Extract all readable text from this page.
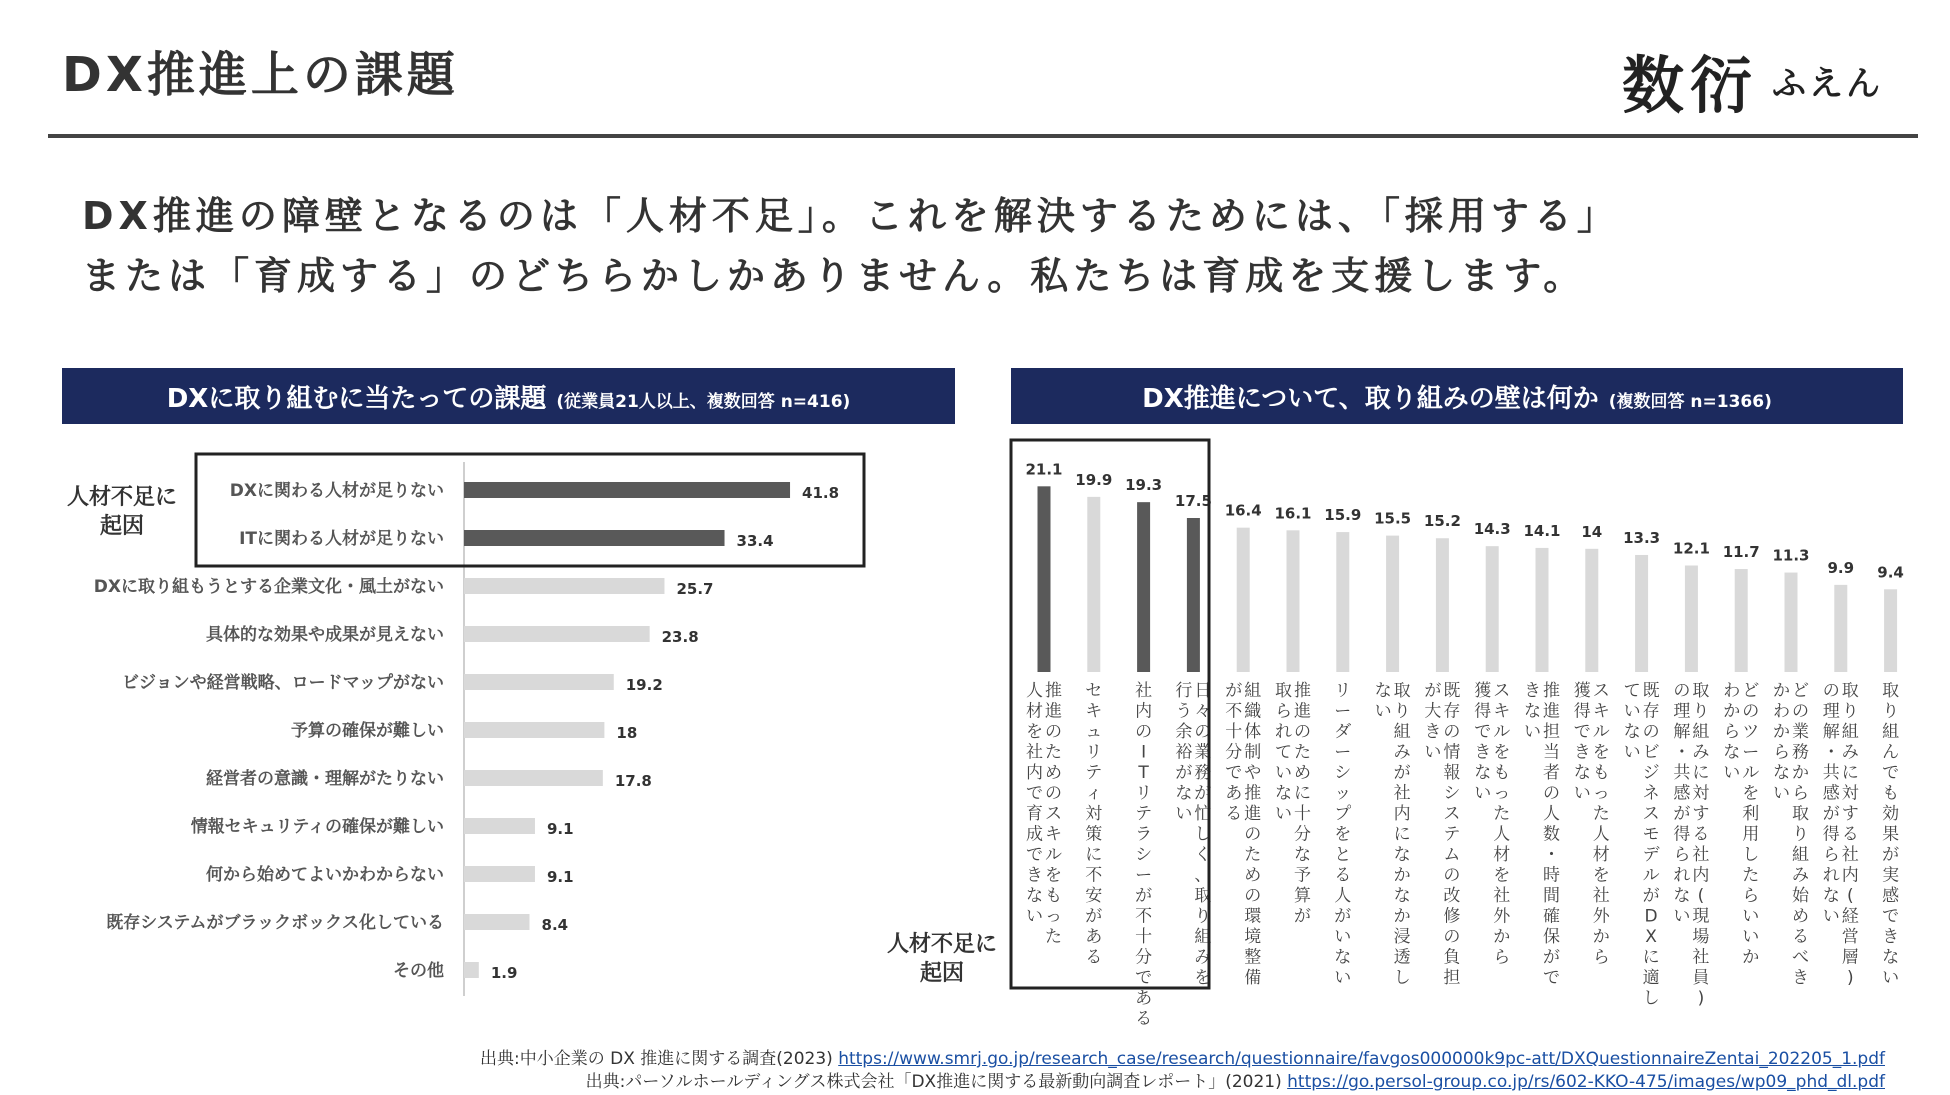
DX推進上の課題	数衍 ふえん
DX推進の障壁となるのは「人材不足」。これを解決するためには、「採用する」
または「育成する」のどちらかしかありません。私たちは育成を支援します。
DXに取り組むに当たっての課題 (従業員21人以上、複数回答 n=416)	DX推進について、取り組みの壁は何か (複数回答 n=1366)
DXに関わる人材が足りない	41.8
ITに関わる人材が足りない	33.4
DXに取り組もうとする企業文化・風土がない	25.7
具体的な効果や成果が見えない	23.8
ビジョンや経営戦略、ロードマップがない	19.2
予算の確保が難しい	18
経営者の意識・理解がたりない	17.8
情報セキュリティの確保が難しい	9.1
何から始めてよいかわからない	9.1
既存システムがブラックボックス化している	8.4
その他	1.9
人材不足に
起因
21.1
推
進
の
た
め
の
ス
キ
ル
を
も
っ
た
人
材
を
社
内
で
育
成
で
き
な
い
19.9
セ
キ
ュ
リ
テ
ィ
対
策
に
不
安
が
あ
る
19.3
社
内
の
I
T
リ
テ
ラ
シ
ー
が
不
十
分
で
あ
る
17.5
日
々
の
業
務
が
忙
し
く
、
取
り
組
み
を
行
う
余
裕
が
な
い
16.4
組
織
体
制
や
推
進
の
た
め
の
環
境
整
備
が
不
十
分
で
あ
る
16.1
推
進
の
た
め
に
十
分
な
予
算
が
取
ら
れ
て
い
な
い
15.9
リ
ー
ダ
ー
シ
ッ
プ
を
と
る
人
が
い
な
い
15.5
取
り
組
み
が
社
内
に
な
か
な
か
浸
透
し
な
い
15.2
既
存
の
情
報
シ
ス
テ
ム
の
改
修
の
負
担
が
大
き
い
14.3
ス
キ
ル
を
も
っ
た
人
材
を
社
外
か
ら
獲
得
で
き
な
い
14.1
推
進
担
当
者
の
人
数
・
時
間
確
保
が
で
き
な
い
14
ス
キ
ル
を
も
っ
た
人
材
を
社
外
か
ら
獲
得
で
き
な
い
13.3
既
存
の
ビ
ジ
ネ
ス
モ
デ
ル
が
D
X
に
適
し
て
い
な
い
12.1
取
り
組
み
に
対
す
る
社
内
(
現
場
社
員
)
の
理
解
・
共
感
が
得
ら
れ
な
い
11.7
ど
の
ツ
ー
ル
を
利
用
し
た
ら
い
い
か
わ
か
ら
な
い
11.3
ど
の
業
務
か
ら
取
り
組
み
始
め
る
べ
き
か
わ
か
ら
な
い
9.9
取
り
組
み
に
対
す
る
社
内
(
経
営
層
)
の
理
解
・
共
感
が
得
ら
れ
な
い
9.4
取
り
組
ん
で
も
効
果
が
実
感
で
き
な
い
出典:中小企業の DX 推進に関する調査(2023) https://www.smrj.go.jp/research_case/research/questionnaire/favgos000000k9pc-att/DXQuestionnaireZentai_202205_1.pdf
出典:パーソルホールディングス株式会社「DX推進に関する最新動向調査レポート」(2021) https://go.persol-group.co.jp/rs/602-KKO-475/images/wp09_phd_dl.pdf
人材不足に
起因
